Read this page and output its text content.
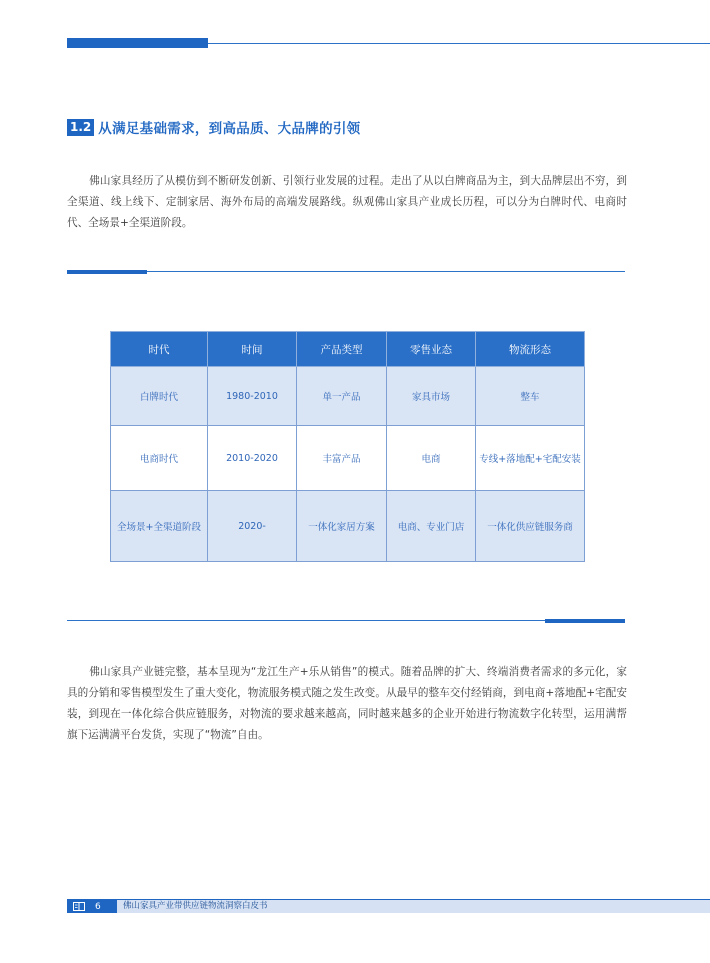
1.2 从满足基础需求，到高品质、大品牌的引领
佛山家具经历了从模仿到不断研发创新、引领行业发展的过程。走出了从以白牌商品为主，到大品牌层出不穷，到全渠道、线上线下、定制家居、海外布局的高端发展路线。纵观佛山家具产业成长历程，可以分为白牌时代、电商时代、全场景+全渠道阶段。
时代	时间	产品类型	零售业态	物流形态
白牌时代	1980-2010	单一产品	家具市场	整车
电商时代	2010-2020	丰富产品	电商	专线+落地配+宅配安装
全场景+全渠道阶段	2020-	一体化家居方案	电商、专业门店	一体化供应链服务商
佛山家具产业链完整，基本呈现为“龙江生产+乐从销售”的模式。随着品牌的扩大、终端消费者需求的多元化，家具的分销和零售模型发生了重大变化，物流服务模式随之发生改变。从最早的整车交付经销商，到电商+落地配+宅配安装，到现在一体化综合供应链服务，对物流的要求越来越高，同时越来越多的企业开始进行物流数字化转型，运用满帮旗下运满满平台发货，实现了“物流”自由。
6	佛山家具产业带供应链物流洞察白皮书
